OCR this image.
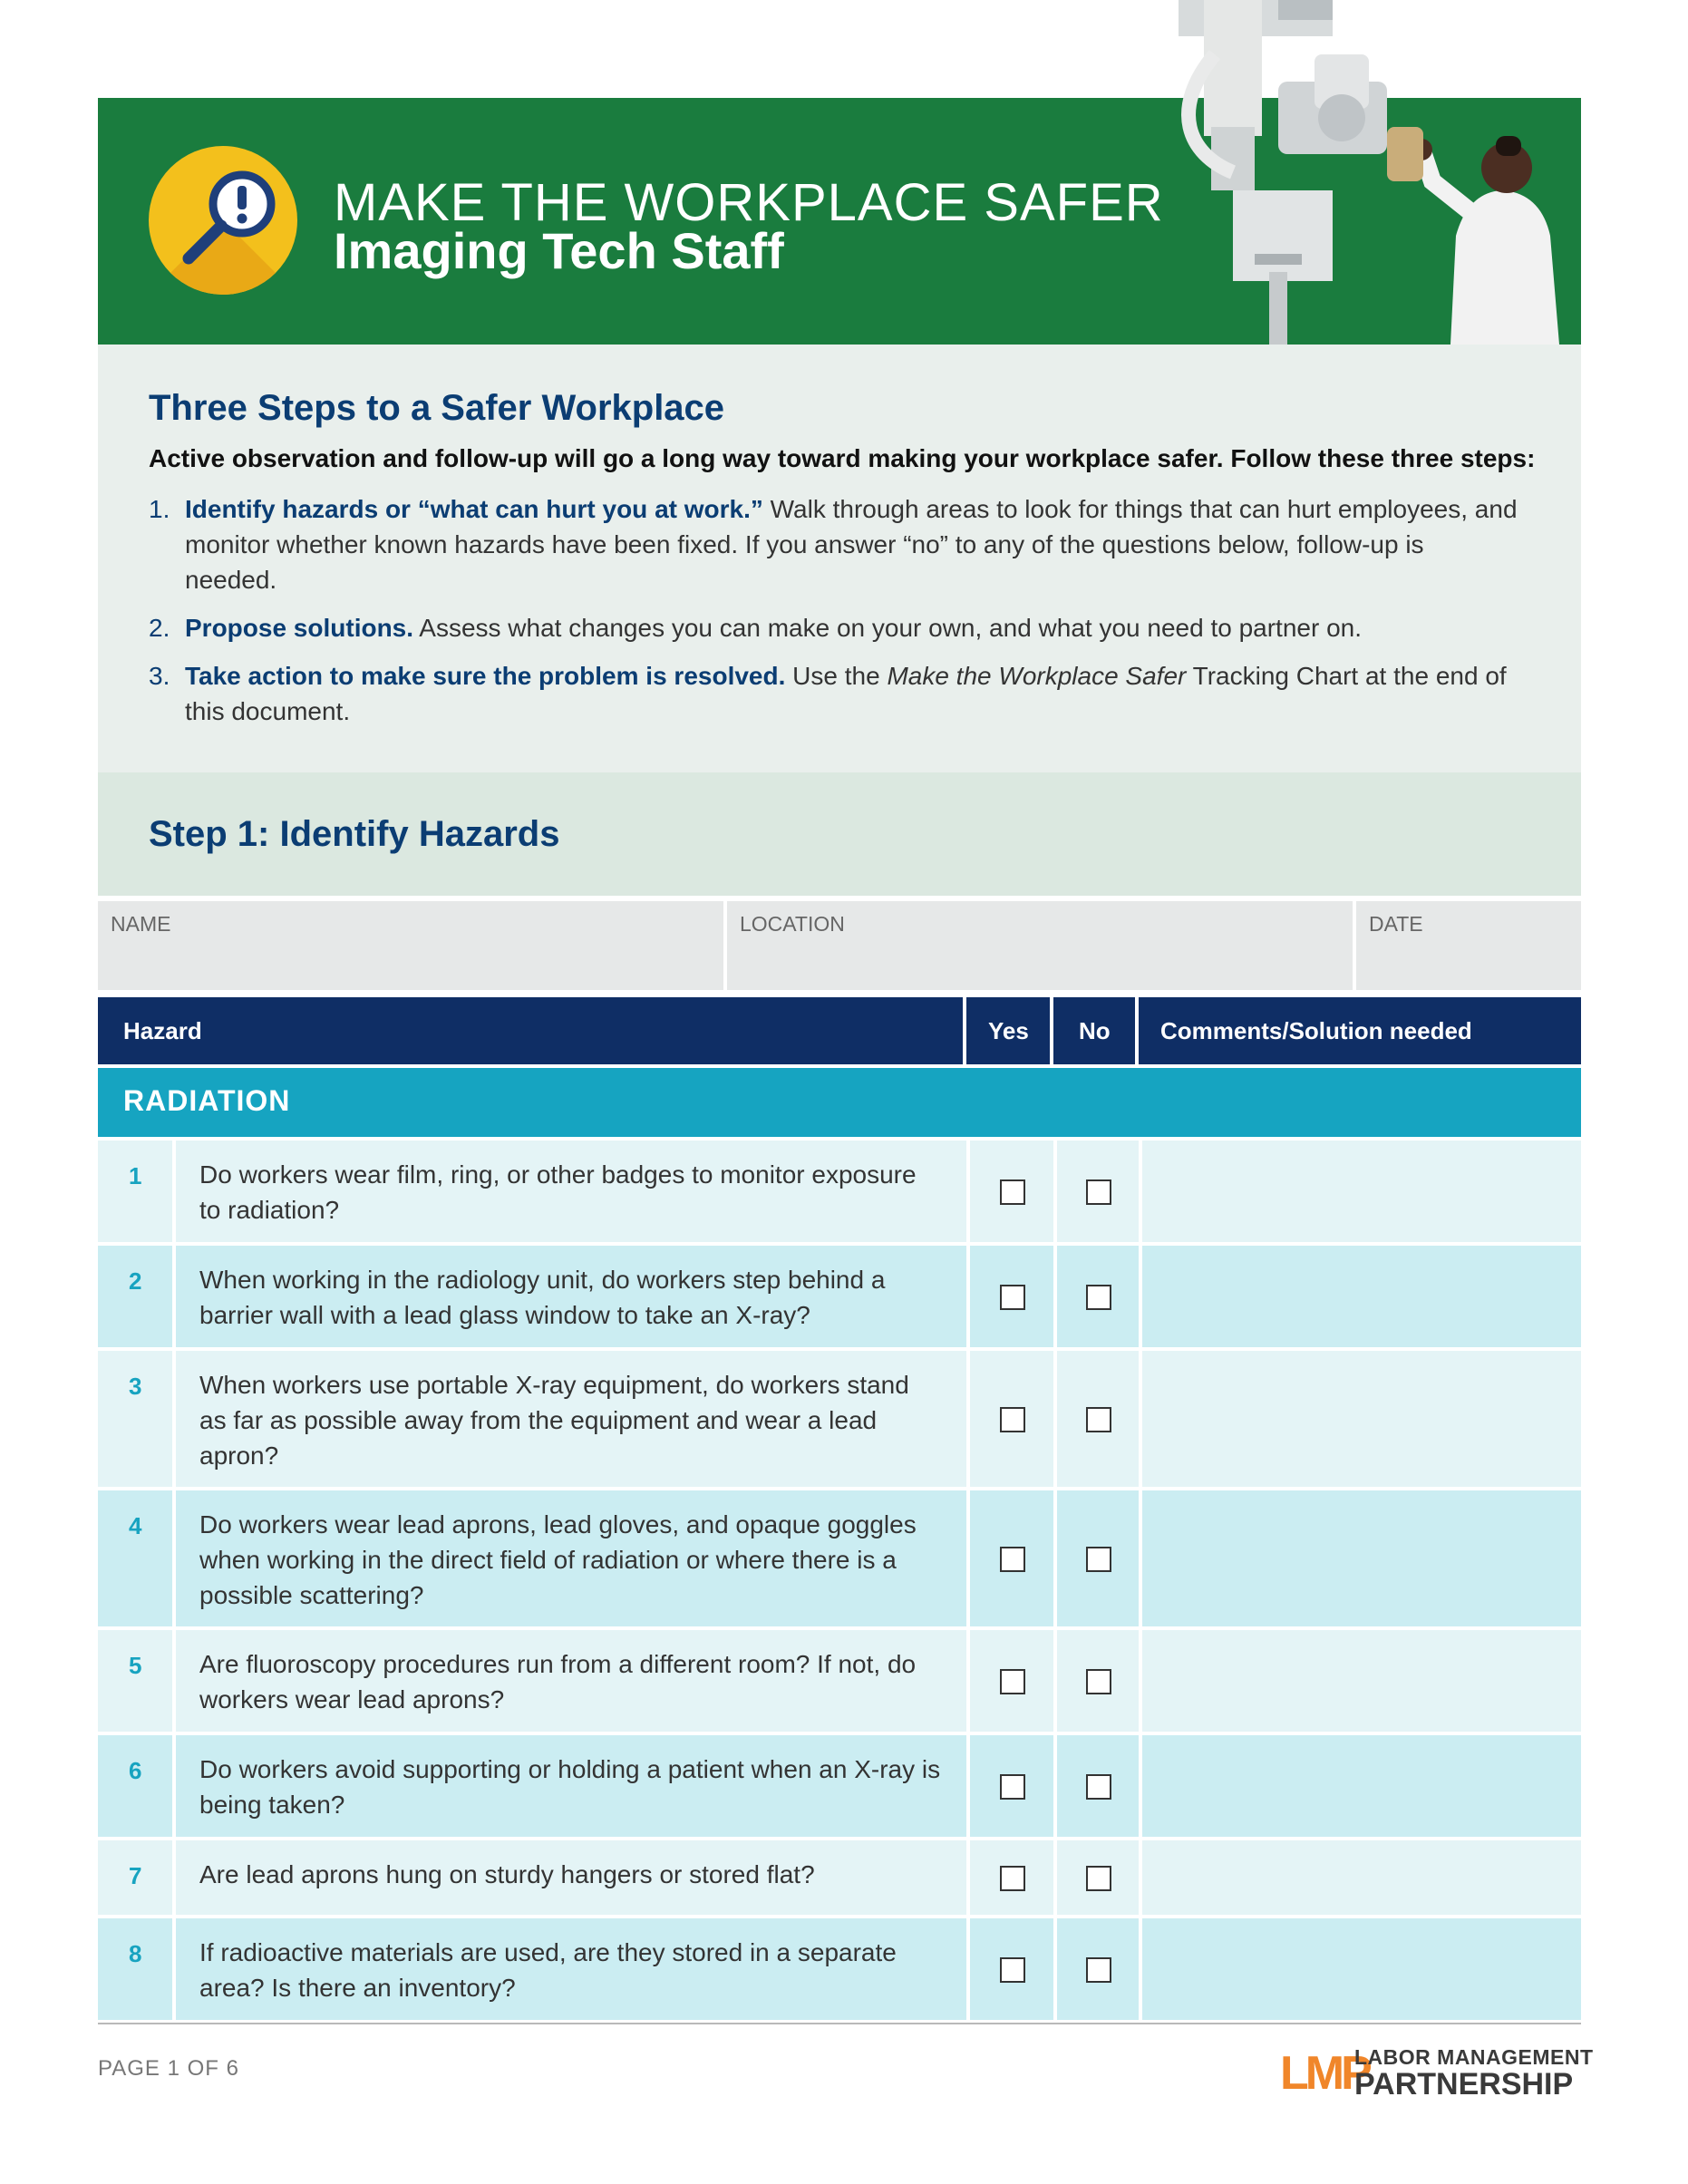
MAKE THE WORKPLACE SAFER
Imaging Tech Staff
Three Steps to a Safer Workplace
Active observation and follow-up will go a long way toward making your workplace safer. Follow these three steps:
1. Identify hazards or “what can hurt you at work.” Walk through areas to look for things that can hurt employees, and monitor whether known hazards have been fixed. If you answer “no” to any of the questions below, follow-up is needed.
2. Propose solutions. Assess what changes you can make on your own, and what you need to partner on.
3. Take action to make sure the problem is resolved. Use the Make the Workplace Safer Tracking Chart at the end of this document.
Step 1: Identify Hazards
NAME	LOCATION	DATE
Hazard	Yes No Comments/Solution needed
RADIATION
1 Do workers wear film, ring, or other badges to monitor exposure to radiation?
2 When working in the radiology unit, do workers step behind a barrier wall with a lead glass window to take an X-ray?
3 When workers use portable X-ray equipment, do workers stand as far as possible away from the equipment and wear a lead apron?
4 Do workers wear lead aprons, lead gloves, and opaque goggles when working in the direct field of radiation or where there is a possible scattering?
5 Are fluoroscopy procedures run from a different room? If not, do workers wear lead aprons?
6 Do workers avoid supporting or holding a patient when an X-ray is being taken?
7 Are lead aprons hung on sturdy hangers or stored flat?
8 If radioactive materials are used, are they stored in a separate area? Is there an inventory?
PAGE 1 OF 6	LMP
LABOR MANAGEMENT
PARTNERSHIP
